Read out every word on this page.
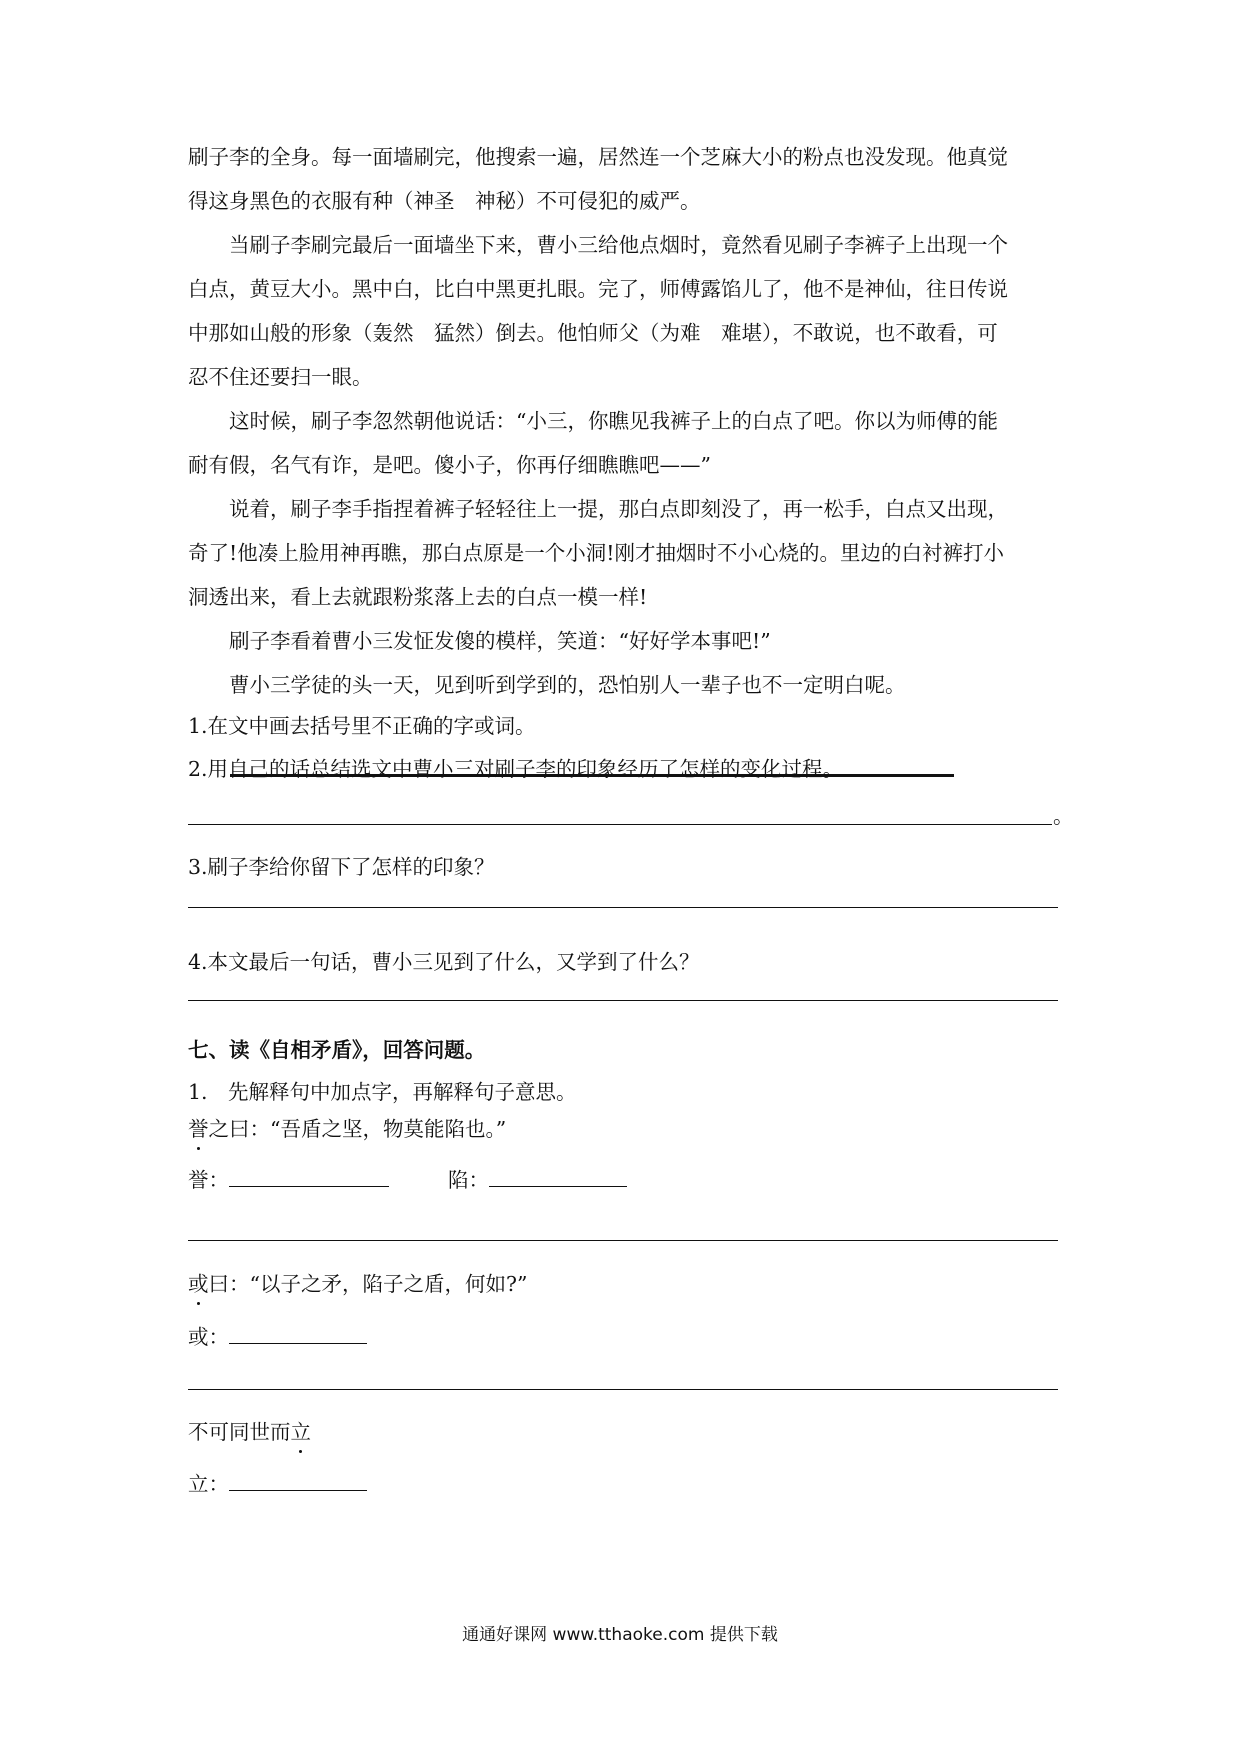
刷子李的全身。每一面墙刷完，他搜索一遍，居然连一个芝麻大小的粉点也没发现。他真觉
得这身黑色的衣服有种（神圣　神秘）不可侵犯的威严。
当刷子李刷完最后一面墙坐下来，曹小三给他点烟时，竟然看见刷子李裤子上出现一个
白点，黄豆大小。黑中白，比白中黑更扎眼。完了，师傅露馅儿了，他不是神仙，往日传说
中那如山般的形象（轰然　猛然）倒去。他怕师父（为难　难堪），不敢说，也不敢看，可
忍不住还要扫一眼。
这时候，刷子李忽然朝他说话：“小三，你瞧见我裤子上的白点了吧。你以为师傅的能
耐有假，名气有诈，是吧。傻小子，你再仔细瞧瞧吧——”
说着，刷子李手指捏着裤子轻轻往上一提，那白点即刻没了，再一松手，白点又出现，
奇了!他凑上脸用神再瞧，那白点原是一个小洞!刚才抽烟时不小心烧的。里边的白衬裤打小
洞透出来，看上去就跟粉浆落上去的白点一模一样!
刷子李看着曹小三发怔发傻的模样，笑道：“好好学本事吧!”
曹小三学徒的头一天，见到听到学到的，恐怕别人一辈子也不一定明白呢。
1.在文中画去括号里不正确的字或词。
2.用自己的话总结选文中曹小三对刷子李的印象经历了怎样的变化过程。
。
3.刷子李给你留下了怎样的印象？
4.本文最后一句话，曹小三见到了什么，又学到了什么？
七、读《自相矛盾》，回答问题。
1.　先解释句中加点字，再解释句子意思。
誉之曰：“吾盾之坚，物莫能陷也。”
誉：	陷：
或曰：“以子之矛，陷子之盾，何如?”
或：
不可同世而立
立：
通通好课网 www.tthaoke.com 提供下载
